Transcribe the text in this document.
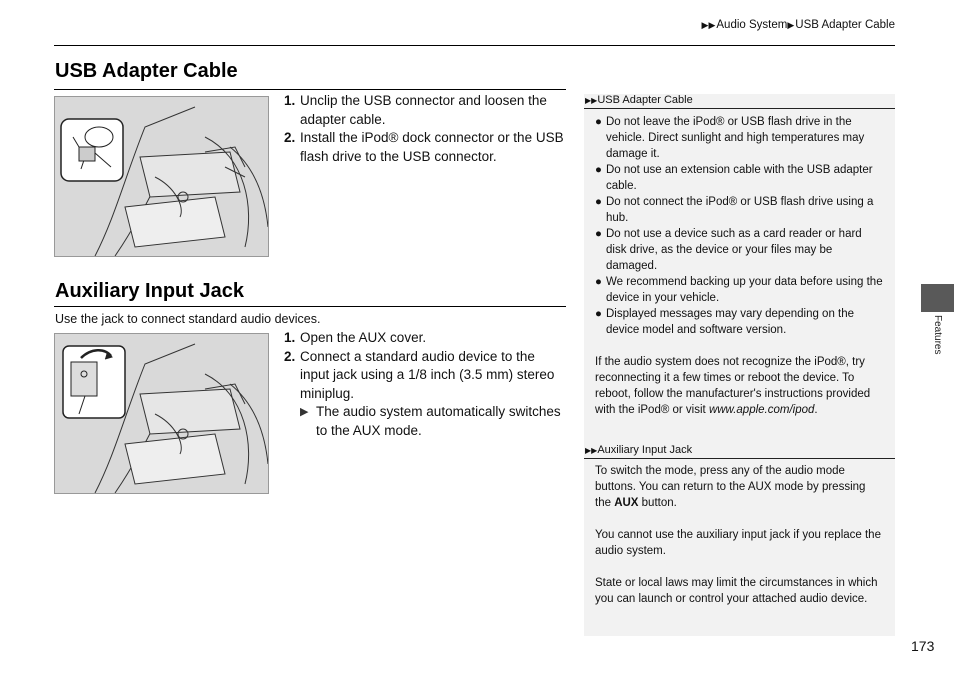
▶▶Audio System▶USB Adapter Cable
USB Adapter Cable
1. Unclip the USB connector and loosen the adapter cable.
2. Install the iPod® dock connector or the USB flash drive to the USB connector.
Auxiliary Input Jack
Use the jack to connect standard audio devices.
1. Open the AUX cover.
2. Connect a standard audio device to the input jack using a 1/8 inch (3.5 mm) stereo miniplug.
▶ The audio system automatically switches to the AUX mode.
▶▶USB Adapter Cable
● Do not leave the iPod® or USB flash drive in the vehicle. Direct sunlight and high temperatures may damage it.
● Do not use an extension cable with the USB adapter cable.
● Do not connect the iPod® or USB flash drive using a hub.
● Do not use a device such as a card reader or hard disk drive, as the device or your files may be damaged.
● We recommend backing up your data before using the device in your vehicle.
● Displayed messages may vary depending on the device model and software version.
If the audio system does not recognize the iPod®, try reconnecting it a few times or reboot the device. To reboot, follow the manufacturer's instructions provided with the iPod® or visit www.apple.com/ipod.
▶▶Auxiliary Input Jack
To switch the mode, press any of the audio mode buttons. You can return to the AUX mode by pressing the AUX button.
You cannot use the auxiliary input jack if you replace the audio system.
State or local laws may limit the circumstances in which you can launch or control your attached audio device.
Features
173
